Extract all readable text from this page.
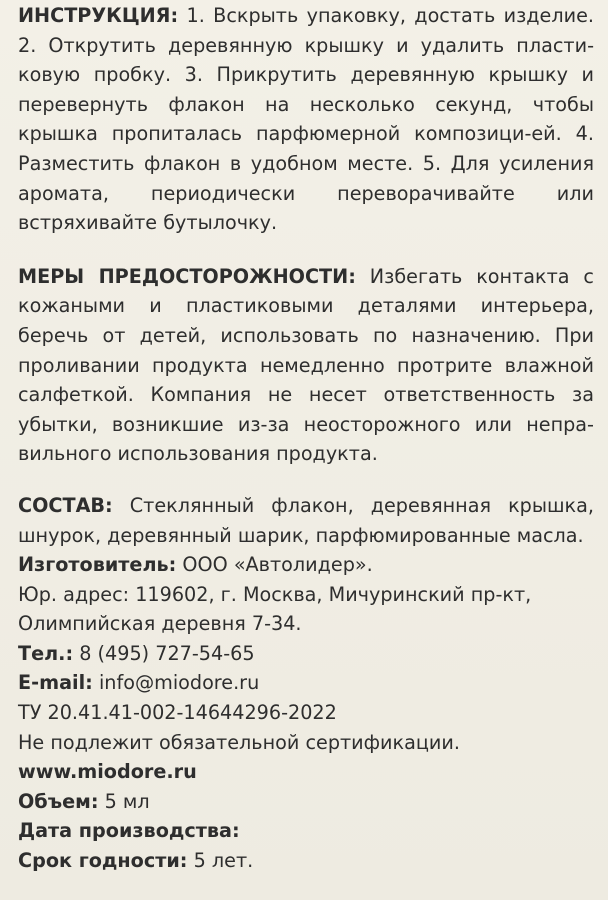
ИНСТРУКЦИЯ: 1. Вскрыть упаковку, достать изделие. 2. Открутить деревянную крышку и удалить пласти-ковую пробку. 3. Прикрутить деревянную крышку и перевернуть флакон на несколько секунд, чтобы крышка пропиталась парфюмерной композици-ей. 4. Разместить флакон в удобном месте. 5. Для усиления аромата, периодически переворачивайте или встряхивайте бутылочку.

МЕРЫ ПРЕДОСТОРОЖНОСТИ: Избегать контакта с кожаными и пластиковыми деталями интерьера, беречь от детей, использовать по назначению. При проливании продукта немедленно протрите влажной салфеткой. Компания не несет ответственность за убытки, возникшие из-за неосторожного или непра-вильного использования продукта.

СОСТАВ: Стеклянный флакон, деревянная крышка, шнурок, деревянный шарик, парфюмированные масла.

Изготовитель: ООО «Автолидер».

Юр. адрес: 119602, г. Москва, Мичуринский пр-кт,

Олимпийская деревня 7-34.

Тел.: 8 (495) 727-54-65

E-mail: info@miodore.ru

ТУ 20.41.41-002-14644296-2022

Не подлежит обязательной сертификации.

www.miodore.ru

Объем: 5 мл

Дата производства:

Срок годности: 5 лет.
